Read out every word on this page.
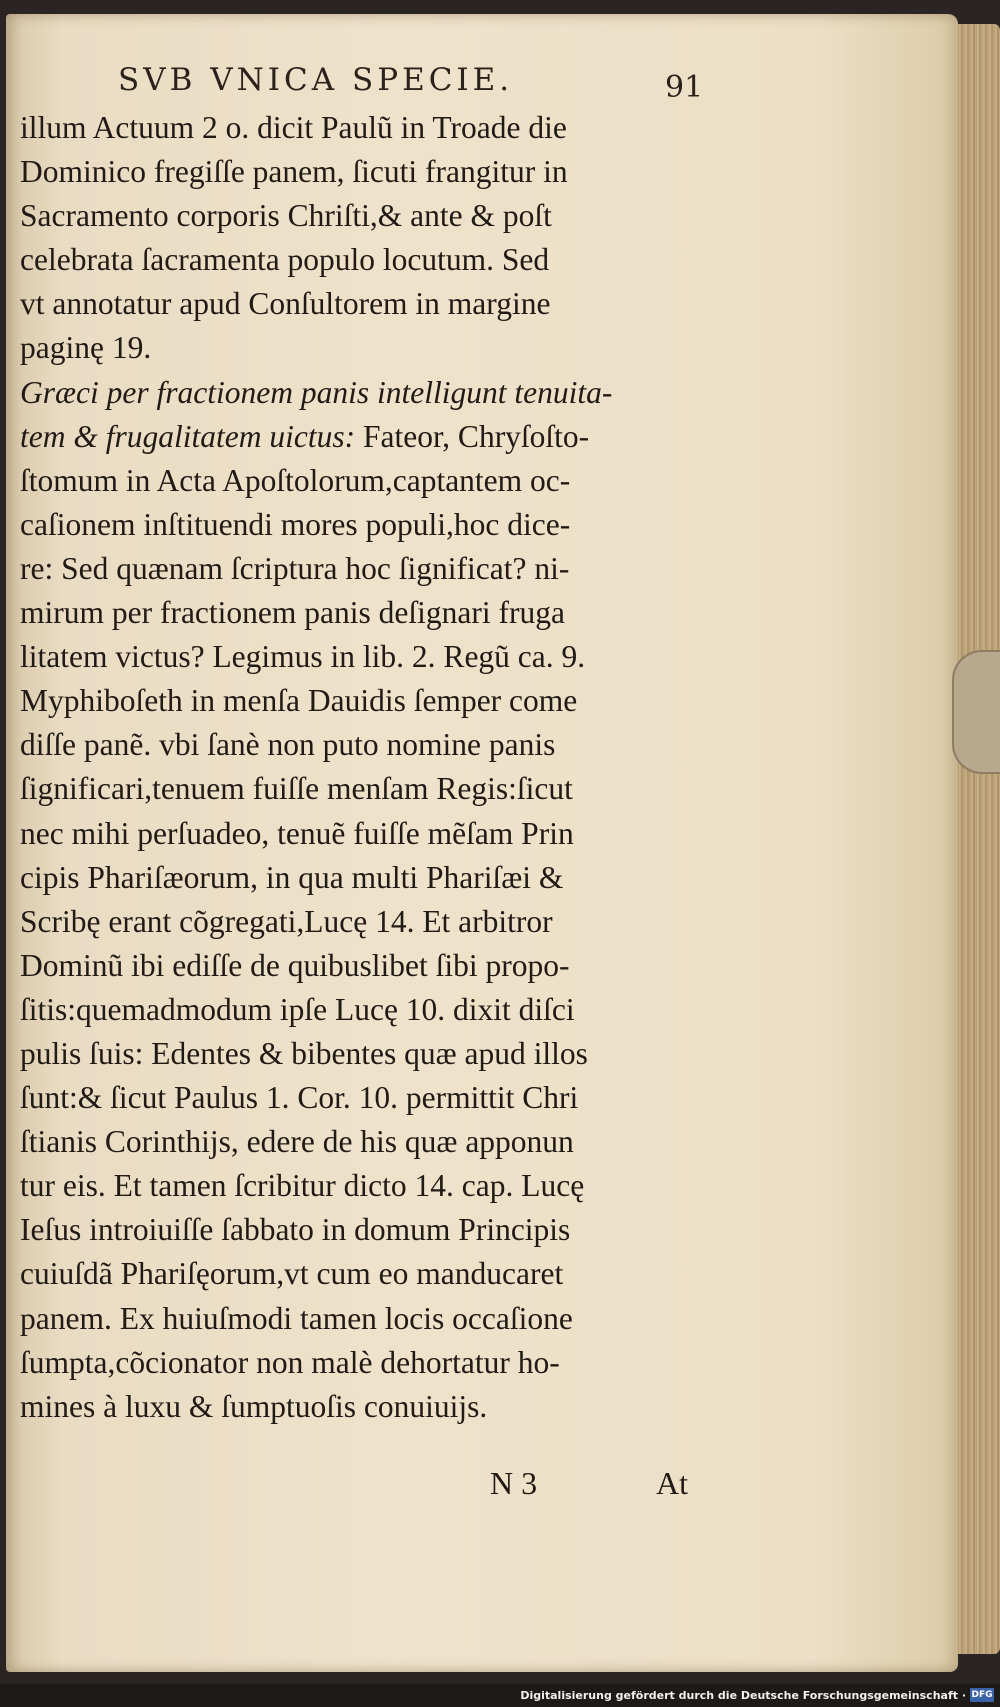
SVB VNICA SPECIE.	91
illum Actuum 2 o. dicit Paulũ in Troade die
Dominico fregiſſe panem, ſicuti frangitur in
Sacramento corporis Chriſti,& ante & poſt
celebrata ſacramenta populo locutum. Sed
vt annotatur apud Conſultorem in margine
paginę 19.
Græci per fractionem panis intelligunt tenuita-
tem & frugalitatem uictus: Fateor, Chryſoſto-
ſtomum in Acta Apoſtolorum,captantem oc-
caſionem inſtituendi mores populi,hoc dice-
re: Sed quænam ſcriptura hoc ſignificat? ni-
mirum per fractionem panis deſignari fruga
litatem victus? Legimus in lib. 2. Regũ ca. 9.
Myphiboſeth in menſa Dauidis ſemper come
diſſe panẽ. vbi ſanè non puto nomine panis
ſignificari,tenuem fuiſſe menſam Regis:ſicut
nec mihi perſuadeo, tenuẽ fuiſſe mẽſam Prin
cipis Phariſæorum, in qua multi Phariſæi &
Scribę erant cõgregati,Lucę 14. Et arbitror
Dominũ ibi ediſſe de quibuslibet ſibi propo-
ſitis:quemadmodum ipſe Lucę 10. dixit diſci
pulis ſuis: Edentes & bibentes quæ apud illos
ſunt:& ſicut Paulus 1. Cor. 10. permittit Chri
ſtianis Corinthijs, edere de his quæ apponun
tur eis. Et tamen ſcribitur dicto 14. cap. Lucę
Ieſus introiuiſſe ſabbato in domum Principis
cuiuſdã Phariſęorum,vt cum eo manducaret
panem. Ex huiuſmodi tamen locis occaſione
ſumpta,cõcionator non malè dehortatur ho-
mines à luxu & ſumptuoſis conuiuijs.
N 3	At
Digitalisierung gefördert durch die Deutsche Forschungsgemeinschaft · DFG
